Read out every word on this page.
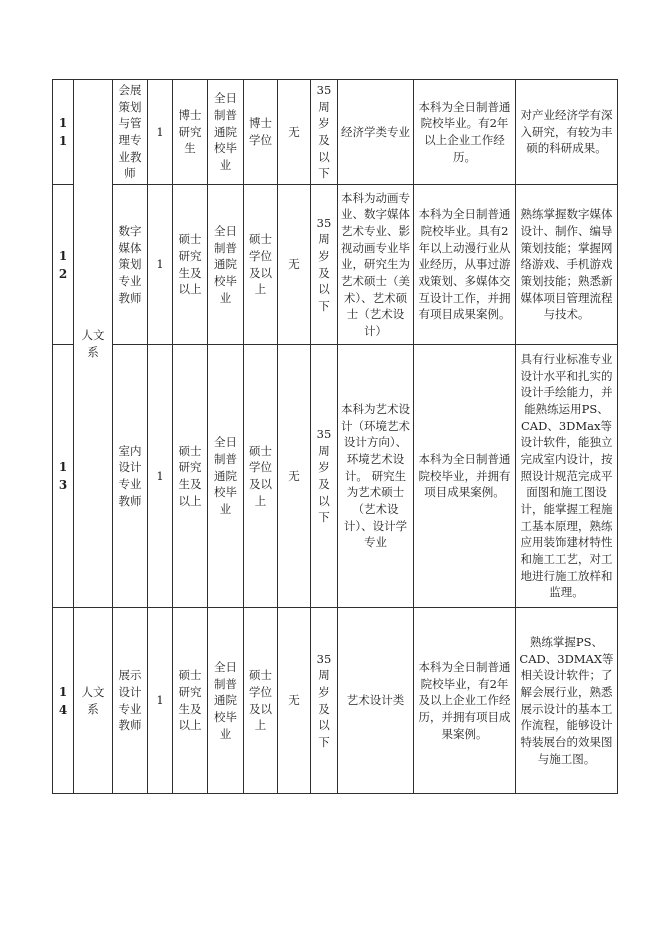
11	人文系	会展策划与管理专业教师	1	博士研究生	全日制普通院校毕业	博士学位	无	35周岁及以下	经济学类专业	本科为全日制普通院校毕业。有2年以上企业工作经历。	对产业经济学有深入研究，有较为丰硕的科研成果。
12		数字媒体策划专业教师	1	硕士研究生及以上	全日制普通院校毕业	硕士学位及以上	无	35周岁及以下	本科为动画专业、数字媒体艺术专业、影视动画专业毕业，研究生为艺术硕士（美术）、艺术硕士（艺术设计）	本科为全日制普通院校毕业。具有2年以上动漫行业从业经历，从事过游戏策划、多媒体交互设计工作，并拥有项目成果案例。	熟练掌握数字媒体设计、制作、编导策划技能；掌握网络游戏、手机游戏策划技能；熟悉新媒体项目管理流程与技术。
13		室内设计专业教师	1	硕士研究生及以上	全日制普通院校毕业	硕士学位及以上	无	35周岁及以下	本科为艺术设计（环境艺术设计方向）、环境艺术设计。 研究生为艺术硕士（艺术设计）、设计学专业	本科为全日制普通院校毕业，并拥有项目成果案例。	具有行业标准专业设计水平和扎实的设计手绘能力，并能熟练运用PS、CAD、3DMax等设计软件，能独立完成室内设计，按照设计规范完成平面图和施工图设计，能掌握工程施工基本原理，熟练应用装饰建材特性和施工工艺，对工地进行施工放样和监理。
14	人文系	展示设计专业教师	1	硕士研究生及以上	全日制普通院校毕业	硕士学位及以上	无	35周岁及以下	艺术设计类	本科为全日制普通院校毕业，有2年及以上企业工作经历，并拥有项目成果案例。	熟练掌握PS、CAD、3DMAX等相关设计软件；了解会展行业，熟悉展示设计的基本工作流程，能够设计特装展台的效果图与施工图。
